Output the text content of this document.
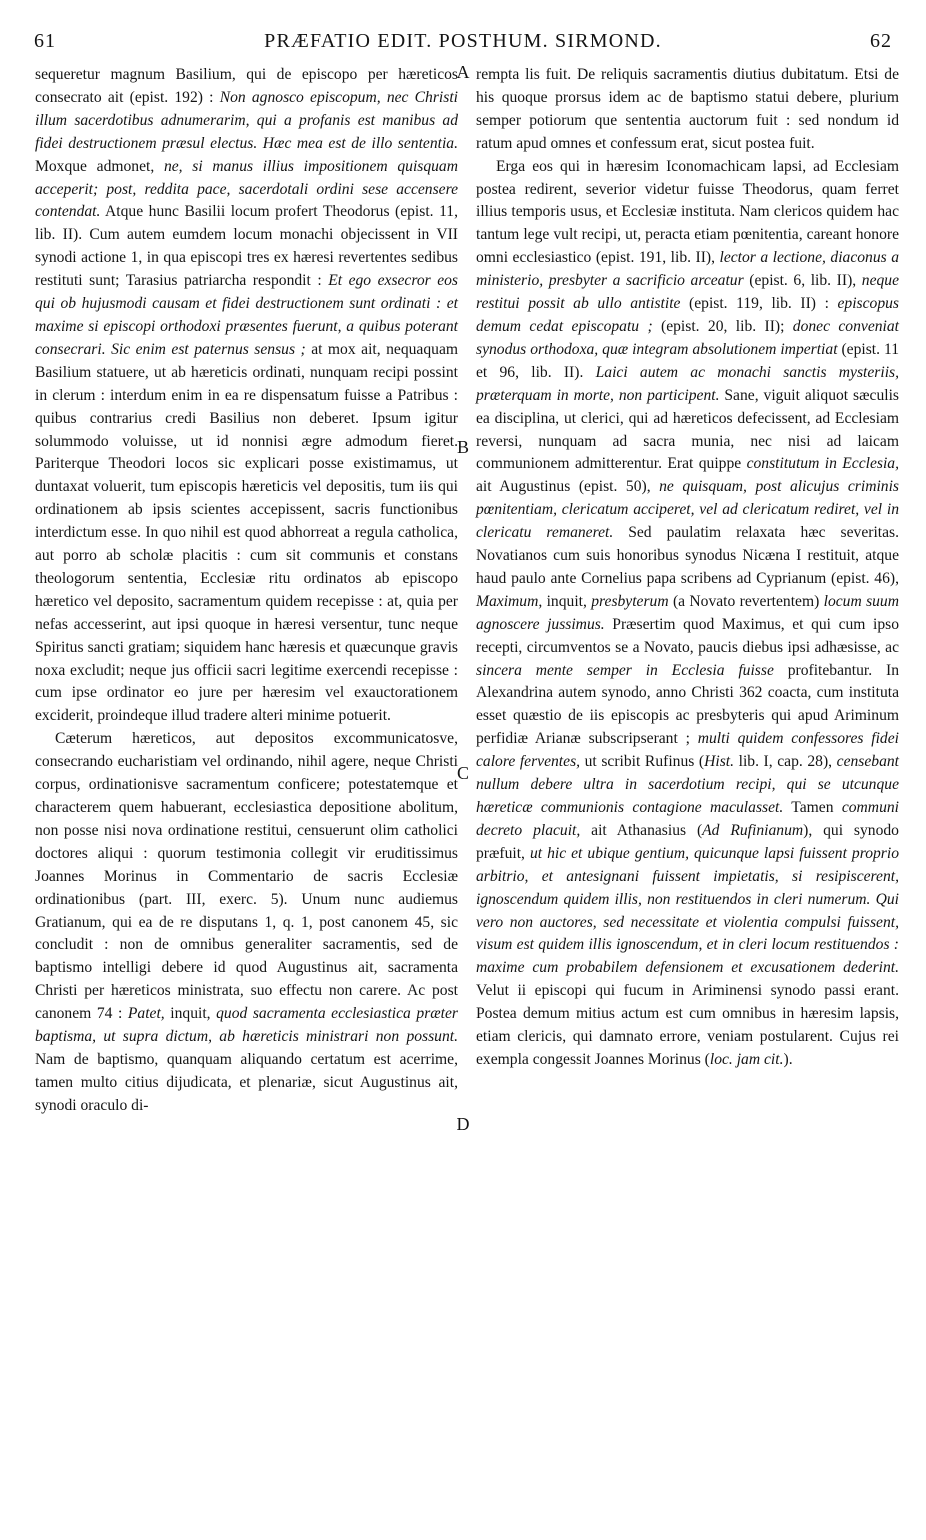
61	PRÆFATIO EDIT. POSTHUM. SIRMOND.	62
A
B
C
D

sequeretur magnum Basilium, qui de episcopo per hæreticos consecrato ait (epist. 192) : Non agnosco episcopum, nec Christi illum sacerdotibus adnumerarim, qui a profanis est manibus ad fidei destructionem præsul electus. Hæc mea est de illo sententia. Moxque admonet, ne, si manus illius impositionem quisquam acceperit; post, reddita pace, sacerdotali ordini sese accensere contendat. Atque hunc Basilii locum profert Theodorus (epist. 11, lib. II). Cum autem eumdem locum monachi objecissent in VII synodi actione 1, in qua episcopi tres ex hæresi revertentes sedibus restituti sunt; Tarasius patriarcha respondit : Et ego exsecror eos qui ob hujusmodi causam et fidei destructionem sunt ordinati : et maxime si episcopi orthodoxi præsentes fuerunt, a quibus poterant consecrari. Sic enim est paternus sensus ; at mox ait, nequaquam Basilium statuere, ut ab hæreticis ordinati, nunquam recipi possint in clerum : interdum enim in ea re dispensatum fuisse a Patribus : quibus contrarius credi Basilius non deberet. Ipsum igitur solummodo voluisse, ut id nonnisi ægre admodum fieret. Pariterque Theodori locos sic explicari posse existimamus, ut duntaxat voluerit, tum episcopis hæreticis vel depositis, tum iis qui ordinationem ab ipsis scientes accepissent, sacris functionibus interdictum esse. In quo nihil est quod abhorreat a regula catholica, aut porro ab scholæ placitis : cum sit communis et constans theologorum sententia, Ecclesiæ ritu ordinatos ab episcopo hæretico vel deposito, sacramentum quidem recepisse : at, quia per nefas accesserint, aut ipsi quoque in hæresi versentur, tunc neque Spiritus sancti gratiam; siquidem hanc hæresis et quæcunque gravis noxa excludit; neque jus officii sacri legitime exercendi recepisse : cum ipse ordinator eo jure per hæresim vel exauctorationem exciderit, proindeque illud tradere alteri minime potuerit.

Cæterum hæreticos, aut depositos excommunicatosve, consecrando eucharistiam vel ordinando, nihil agere, neque Christi corpus, ordinationisve sacramentum conficere; potestatemque et characterem quem habuerant, ecclesiastica depositione abolitum, non posse nisi nova ordinatione restitui, censuerunt olim catholici doctores aliqui : quorum testimonia collegit vir eruditissimus Joannes Morinus in Commentario de sacris Ecclesiæ ordinationibus (part. III, exerc. 5). Unum nunc audiemus Gratianum, qui ea de re disputans 1, q. 1, post canonem 45, sic concludit : non de omnibus generaliter sacramentis, sed de baptismo intelligi debere id quod Augustinus ait, sacramenta Christi per hæreticos ministrata, suo effectu non carere. Ac post canonem 74 : Patet, inquit, quod sacramenta ecclesiastica præter baptisma, ut supra dictum, ab hæreticis ministrari non possunt. Nam de baptismo, quanquam aliquando certatum est acerrime, tamen multo citius dijudicata, et plenariæ, sicut Augustinus ait, synodi oraculo di-

rempta lis fuit. De reliquis sacramentis diutius dubitatum. Etsi de his quoque prorsus idem ac de baptismo statui debere, plurium semper potiorum que sententia auctorum fuit : sed nondum id ratum apud omnes et confessum erat, sicut postea fuit.

Erga eos qui in hæresim Iconomachicam lapsi, ad Ecclesiam postea redirent, severior videtur fuisse Theodorus, quam ferret illius temporis usus, et Ecclesiæ instituta. Nam clericos quidem hac tantum lege vult recipi, ut, peracta etiam pœnitentia, careant honore omni ecclesiastico (epist. 191, lib. II), lector a lectione, diaconus a ministerio, presbyter a sacrificio arceatur (epist. 6, lib. II), neque restitui possit ab ullo antistite (epist. 119, lib. II) : episcopus demum cedat episcopatu ; (epist. 20, lib. II); donec conveniat synodus orthodoxa, quæ integram absolutionem impertiat (epist. 11 et 96, lib. II). Laici autem ac monachi sanctis mysteriis, præterquam in morte, non participent. Sane, viguit aliquot sæculis ea disciplina, ut clerici, qui ad hæreticos defecissent, ad Ecclesiam reversi, nunquam ad sacra munia, nec nisi ad laicam communionem admitterentur. Erat quippe constitutum in Ecclesia, ait Augustinus (epist. 50), ne quisquam, post alicujus criminis pœnitentiam, clericatum acciperet, vel ad clericatum rediret, vel in clericatu remaneret. Sed paulatim relaxata hæc severitas. Novatianos cum suis honoribus synodus Nicæna I restituit, atque haud paulo ante Cornelius papa scribens ad Cyprianum (epist. 46), Maximum, inquit, presbyterum (a Novato revertentem) locum suum agnoscere jussimus. Præsertim quod Maximus, et qui cum ipso recepti, circumventos se a Novato, paucis diebus ipsi adhæsisse, ac sincera mente semper in Ecclesia fuisse profitebantur. In Alexandrina autem synodo, anno Christi 362 coacta, cum instituta esset quæstio de iis episcopis ac presbyteris qui apud Ariminum perfidiæ Arianæ subscripserant ; multi quidem confessores fidei calore ferventes, ut scribit Rufinus (Hist. lib. I, cap. 28), censebant nullum debere ultra in sacerdotium recipi, qui se utcunque hæreticæ communionis contagione maculasset. Tamen communi decreto placuit, ait Athanasius (Ad Rufinianum), qui synodo præfuit, ut hic et ubique gentium, quicunque lapsi fuissent proprio arbitrio, et antesignani fuissent impietatis, si resipiscerent, ignoscendum quidem illis, non restituendos in cleri numerum. Qui vero non auctores, sed necessitate et violentia compulsi fuissent, visum est quidem illis ignoscendum, et in cleri locum restituendos : maxime cum probabilem defensionem et excusationem dederint. Velut ii episcopi qui fucum in Ariminensi synodo passi erant. Postea demum mitius actum est cum omnibus in hæresim lapsis, etiam clericis, qui damnato errore, veniam postularent. Cujus rei exempla congessit Joannes Morinus (loc. jam cit.).
